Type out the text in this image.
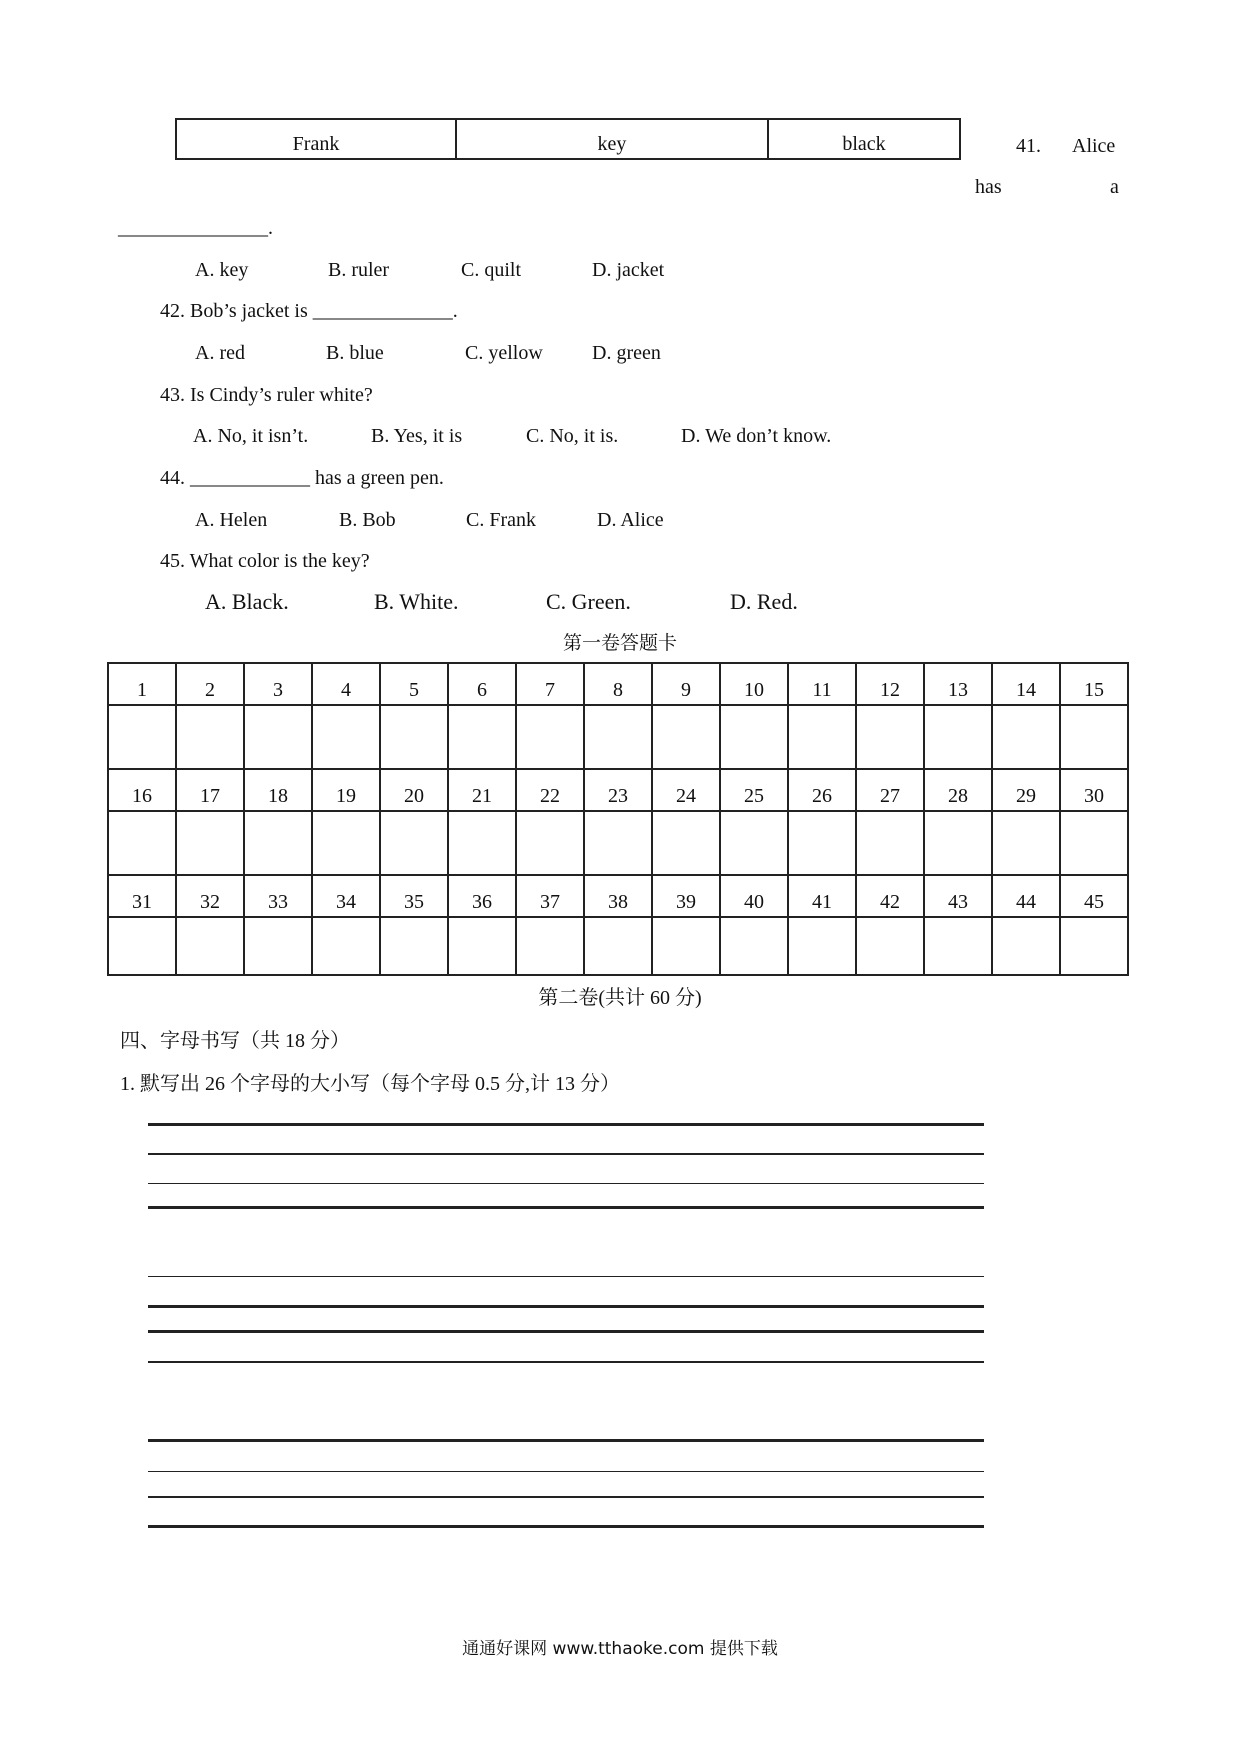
Frank	key	black	41. Alice
has	a
_______________.
A. key	B. ruler	C. quilt	D. jacket
42. Bob’s jacket is ______________.
A. red	B. blue	C. yellow D. green
43. Is Cindy’s ruler white?
A. No, it isn’t.	B. Yes, it is	C. No, it is.	D. We don’t know.
44. ____________ has a green pen.
A. Helen	B. Bob	C. Frank	D. Alice
45. What color is the key?
A. Black.	B. White.	C. Green.	D. Red.
第一卷答题卡
1	2	3	4	5	6	7	8	9	10	11	12	13	14	15

16	17	18	19	20	21	22	23	24	25	26	27	28	29	30

31	32	33	34	35	36	37	38	39	40	41	42	43	44	45

第二卷(共计 60 分)
四、字母书写（共 18 分）
1. 默写出 26 个字母的大小写（每个字母 0.5 分,计 13 分）
通通好课网 www.tthaoke.com 提供下载
